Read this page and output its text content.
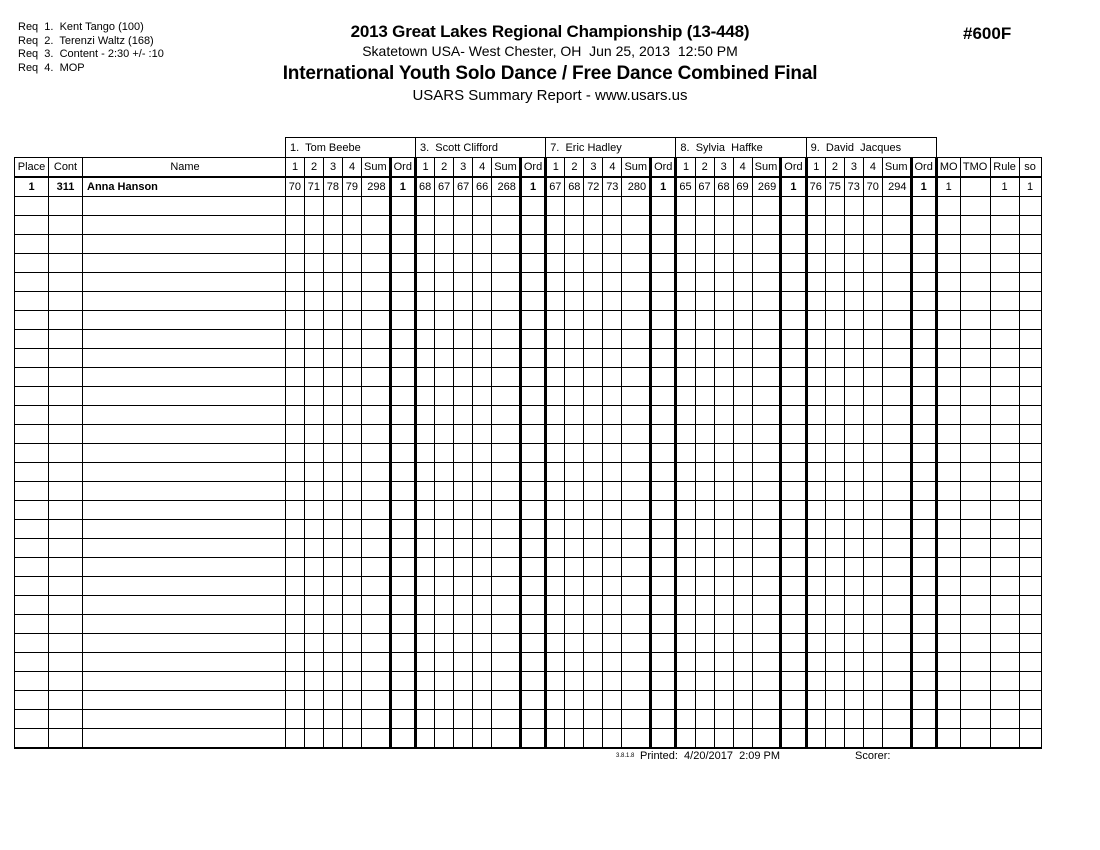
Req  1.  Kent Tango (100)
Req  2.  Terenzi Waltz (168)
Req  3.  Content - 2:30 +/- :10
Req  4.  MOP
2013 Great Lakes Regional Championship (13-448)
Skatetown USA- West Chester, OH  Jun 25, 2013  12:50 PM
International Youth Solo Dance / Free Dance Combined Final
USARS Summary Report - www.usars.us
#600F
			1.  Tom Beebe						3.  Scott Clifford						7.  Eric Hadley						8.  Sylvia  Haffke						9.  David  Jacques									
Place	Cont	Name	1	2	3	4	Sum	Ord	1	2	3	4	Sum	Ord	1	2	3	4	Sum	Ord	1	2	3	4	Sum	Ord	1	2	3	4	Sum	Ord	MO	TMO	Rule	so
1	311	Anna Hanson	70	71	78	79	298	1	68	67	67	66	268	1	67	68	72	73	280	1	65	67	68	69	269	1	76	75	73	70	294	1	1		1	1

3.8.1.8 Printed: 4/20/2017  2:09 PM	Scorer:
